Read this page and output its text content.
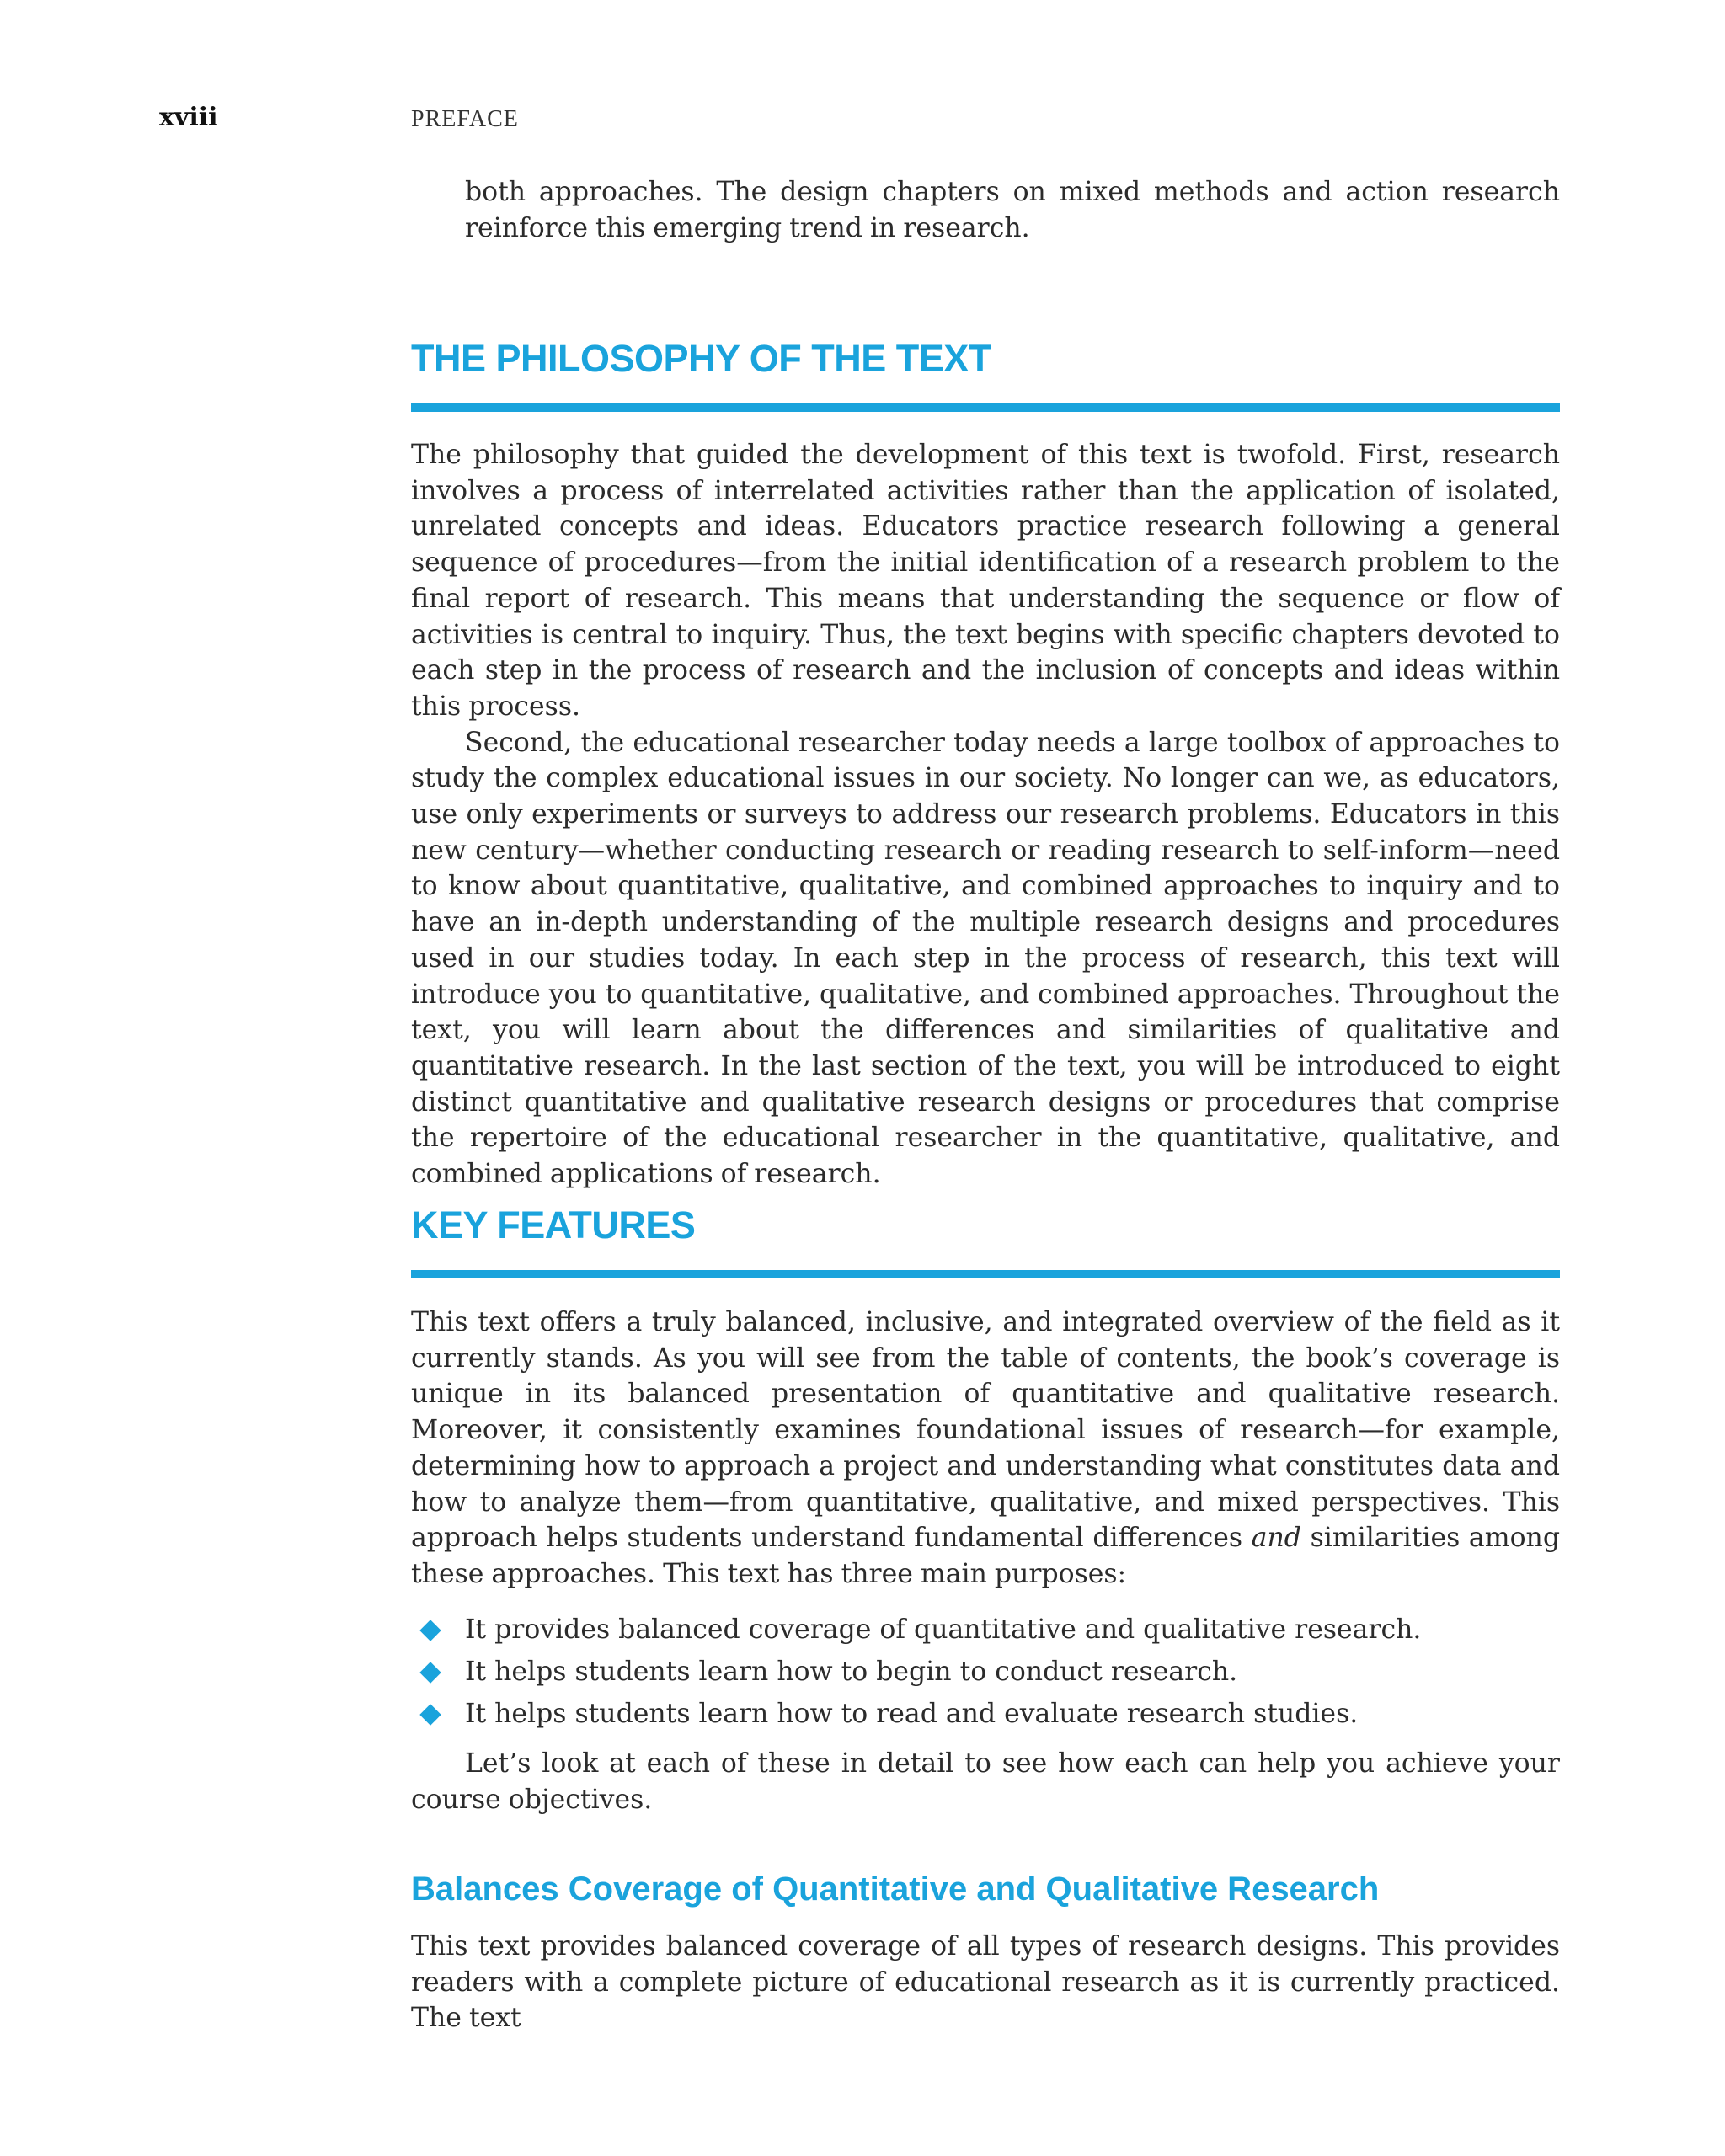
xviii	PREFACE

both approaches. The design chapters on mixed methods and action research reinforce this emerging trend in research.

THE PHILOSOPHY OF THE TEXT

The philosophy that guided the development of this text is twofold. First, research involves a process of interrelated activities rather than the application of isolated, unrelated concepts and ideas. Educators practice research following a general sequence of procedures—from the initial identification of a research problem to the final report of research. This means that understanding the sequence or flow of activities is central to inquiry. Thus, the text begins with specific chapters devoted to each step in the process of research and the inclusion of concepts and ideas within this process.

Second, the educational researcher today needs a large toolbox of approaches to study the complex educational issues in our society. No longer can we, as educators, use only experiments or surveys to address our research problems. Educators in this new century—whether conducting research or reading research to self-inform—need to know about quantitative, qualitative, and combined approaches to inquiry and to have an in-depth understanding of the multiple research designs and procedures used in our studies today. In each step in the process of research, this text will introduce you to quantitative, qualitative, and combined approaches. Throughout the text, you will learn about the differences and similarities of qualitative and quantitative research. In the last section of the text, you will be introduced to eight distinct quantitative and qualitative research designs or procedures that comprise the repertoire of the educational researcher in the quantitative, qualitative, and combined applications of research.

KEY FEATURES

This text offers a truly balanced, inclusive, and integrated overview of the field as it currently stands. As you will see from the table of contents, the book’s coverage is unique in its balanced presentation of quantitative and qualitative research. Moreover, it consistently examines foundational issues of research—for example, determining how to approach a project and understanding what constitutes data and how to analyze them—from quantitative, qualitative, and mixed perspectives. This approach helps students understand fundamental differences and similarities among these approaches. This text has three main purposes:

It provides balanced coverage of quantitative and qualitative research.
It helps students learn how to begin to conduct research.
It helps students learn how to read and evaluate research studies.

Let’s look at each of these in detail to see how each can help you achieve your course objectives.

Balances Coverage of Quantitative and Qualitative Research

This text provides balanced coverage of all types of research designs. This provides readers with a complete picture of educational research as it is currently practiced. The text
